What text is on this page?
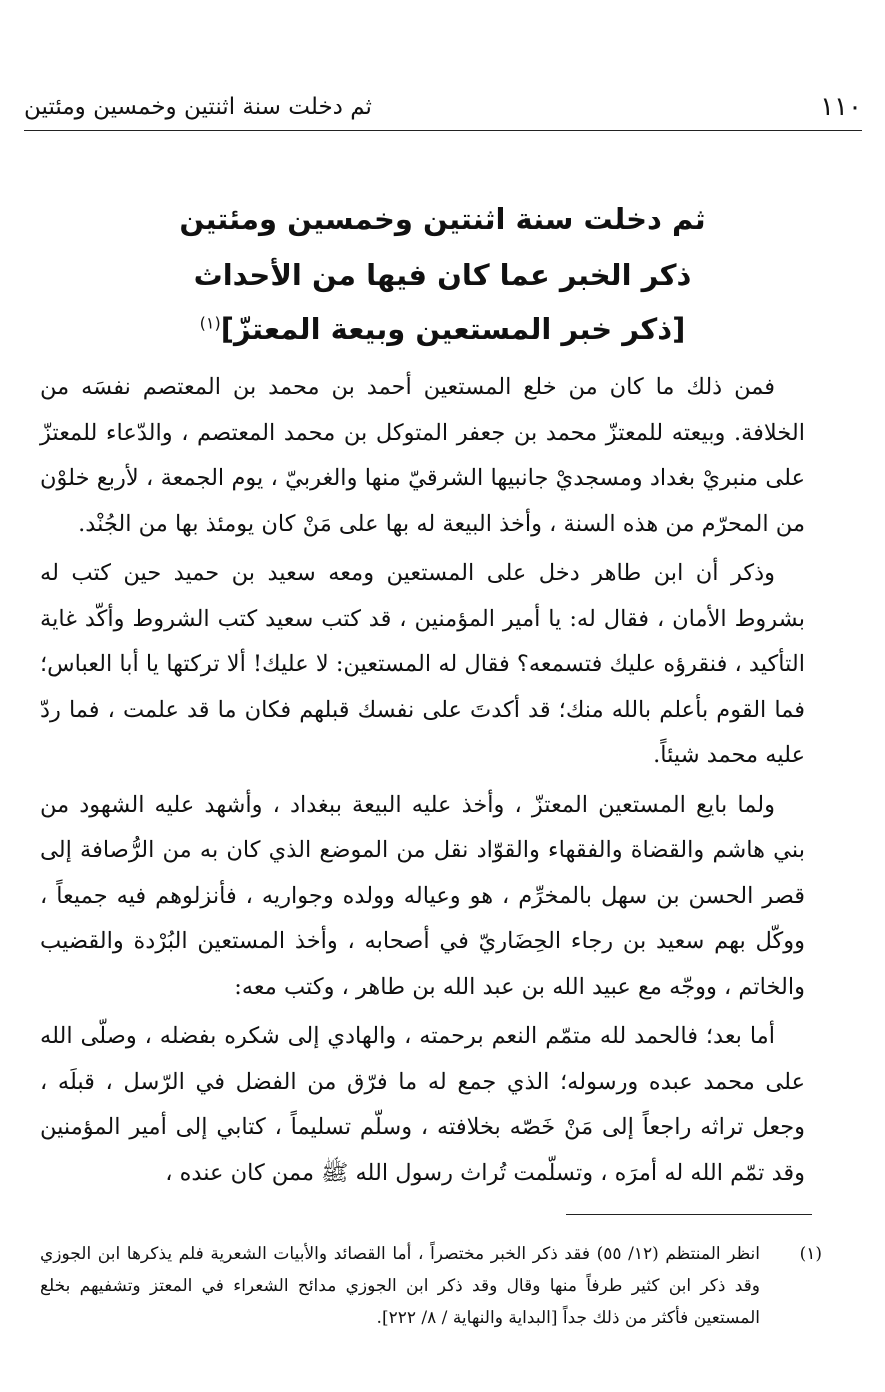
١١٠
ثم دخلت سنة اثنتين وخمسين ومئتين
ثم دخلت سنة اثنتين وخمسين ومئتين
ذكر الخبر عما كان فيها من الأحداث
[ذكر خبر المستعين وبيعة المعتزّ]$^{(١)}$

فمن ذلك ما كان من خلع المستعين أحمد بن محمد بن المعتصم نفسَه من الخلافة. وبيعته للمعتزّ محمد بن جعفر المتوكل بن محمد المعتصم ، والدّعاء للمعتزّ على منبريْ بغداد ومسجديْ جانبيها الشرقيّ منها والغربيّ ، يوم الجمعة ، لأربع خلوْن من المحرّم من هذه السنة ، وأخذ البيعة له بها على مَنْ كان يومئذ بها من الجُنْد.

وذكر أن ابن طاهر دخل على المستعين ومعه سعيد بن حميد حين كتب له بشروط الأمان ، فقال له: يا أمير المؤمنين ، قد كتب سعيد كتب الشروط وأكّد غاية التأكيد ، فنقرؤه عليك فتسمعه؟ فقال له المستعين: لا عليك! ألا تركتها يا أبا العباس؛ فما القوم بأعلم بالله منك؛ قد أكدتَ على نفسك قبلهم فكان ما قد علمت ، فما ردّ عليه محمد شيئاً.

ولما بايع المستعين المعتزّ ، وأخذ عليه البيعة ببغداد ، وأشهد عليه الشهود من بني هاشم والقضاة والفقهاء والقوّاد نقل من الموضع الذي كان به من الرُّصافة إلى قصر الحسن بن سهل بالمخرِّم ، هو وعياله وولده وجواريه ، فأنزلوهم فيه جميعاً ، ووكّل بهم سعيد بن رجاء الحِضَاريّ في أصحابه ، وأخذ المستعين البُرْدة والقضيب والخاتم ، ووجّه مع عبيد الله بن عبد الله بن طاهر ، وكتب معه:

أما بعد؛ فالحمد لله متمّم النعم برحمته ، والهادي إلى شكره بفضله ، وصلّى الله على محمد عبده ورسوله؛ الذي جمع له ما فرّق من الفضل في الرّسل ، قبلَه ، وجعل تراثه راجعاً إلى مَنْ خَصّه بخلافته ، وسلّم تسليماً ، كتابي إلى أمير المؤمنين وقد تمّم الله له أمرَه ، وتسلّمت تُراث رسول الله ﷺ ممن كان عنده ،

(١)
انظر المنتظم (١٢/ ٥٥) فقد ذكر الخبر مختصراً ، أما القصائد والأبيات الشعرية فلم يذكرها ابن الجوزي وقد ذكر ابن كثير طرفاً منها وقال وقد ذكر ابن الجوزي مدائح الشعراء في المعتز وتشفيهم بخلع المستعين فأكثر من ذلك جداً [البداية والنهاية / ٨/ ٢٢٢].
